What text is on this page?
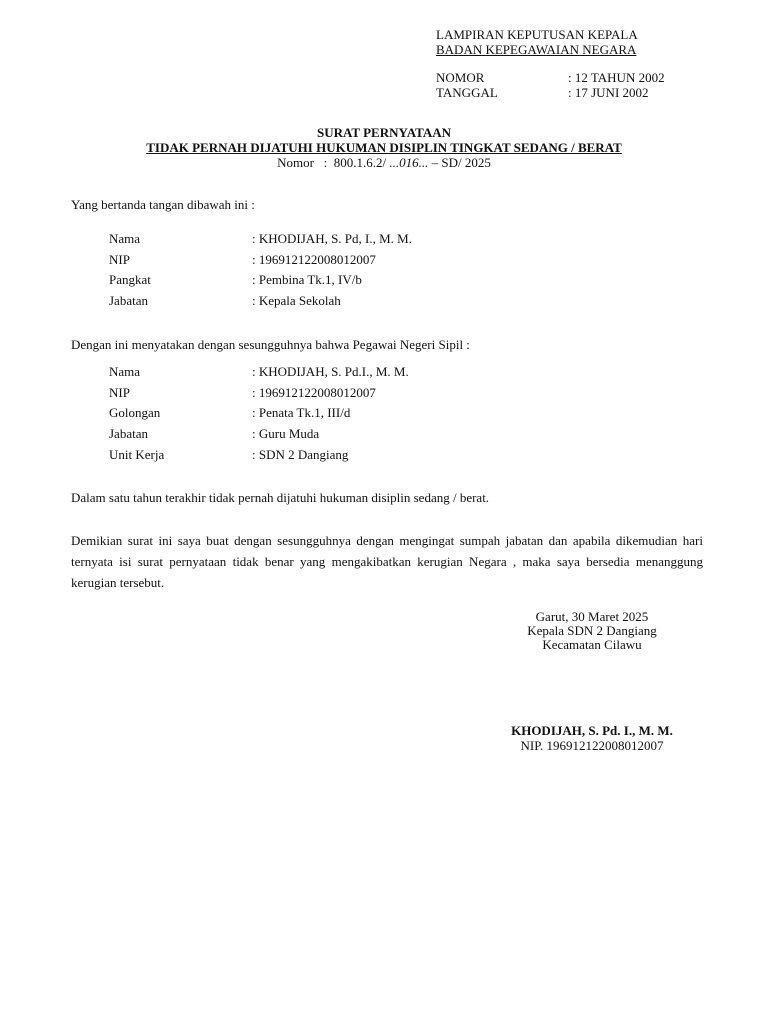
LAMPIRAN KEPUTUSAN KEPALA
BADAN KEPEGAWAIAN NEGARA
NOMOR	: 12 TAHUN 2002
TANGGAL	: 17 JUNI 2002
SURAT PERNYATAAN
TIDAK PERNAH DIJATUHI HUKUMAN DISIPLIN TINGKAT SEDANG / BERAT
Nomor   :  800.1.6.2/ ...016... – SD/ 2025
Yang bertanda tangan dibawah ini :
Nama	: KHODIJAH, S. Pd, I., M. M.
NIP	: 196912122008012007
Pangkat	: Pembina Tk.1, IV/b
Jabatan	: Kepala Sekolah
Dengan ini menyatakan dengan sesungguhnya bahwa Pegawai Negeri Sipil :
Nama	: KHODIJAH, S. Pd.I., M. M.
NIP	: 196912122008012007
Golongan	: Penata Tk.1, III/d
Jabatan	: Guru Muda
Unit Kerja	: SDN 2 Dangiang
Dalam satu tahun terakhir tidak pernah dijatuhi hukuman disiplin sedang / berat.
Demikian surat ini saya buat dengan sesungguhnya dengan mengingat sumpah jabatan dan apabila dikemudian hari ternyata isi surat pernyataan tidak benar yang mengakibatkan kerugian Negara , maka saya bersedia menanggung kerugian tersebut.
Garut, 30 Maret 2025
Kepala SDN 2 Dangiang
Kecamatan Cilawu
KHODIJAH, S. Pd. I., M. M.
NIP. 196912122008012007
